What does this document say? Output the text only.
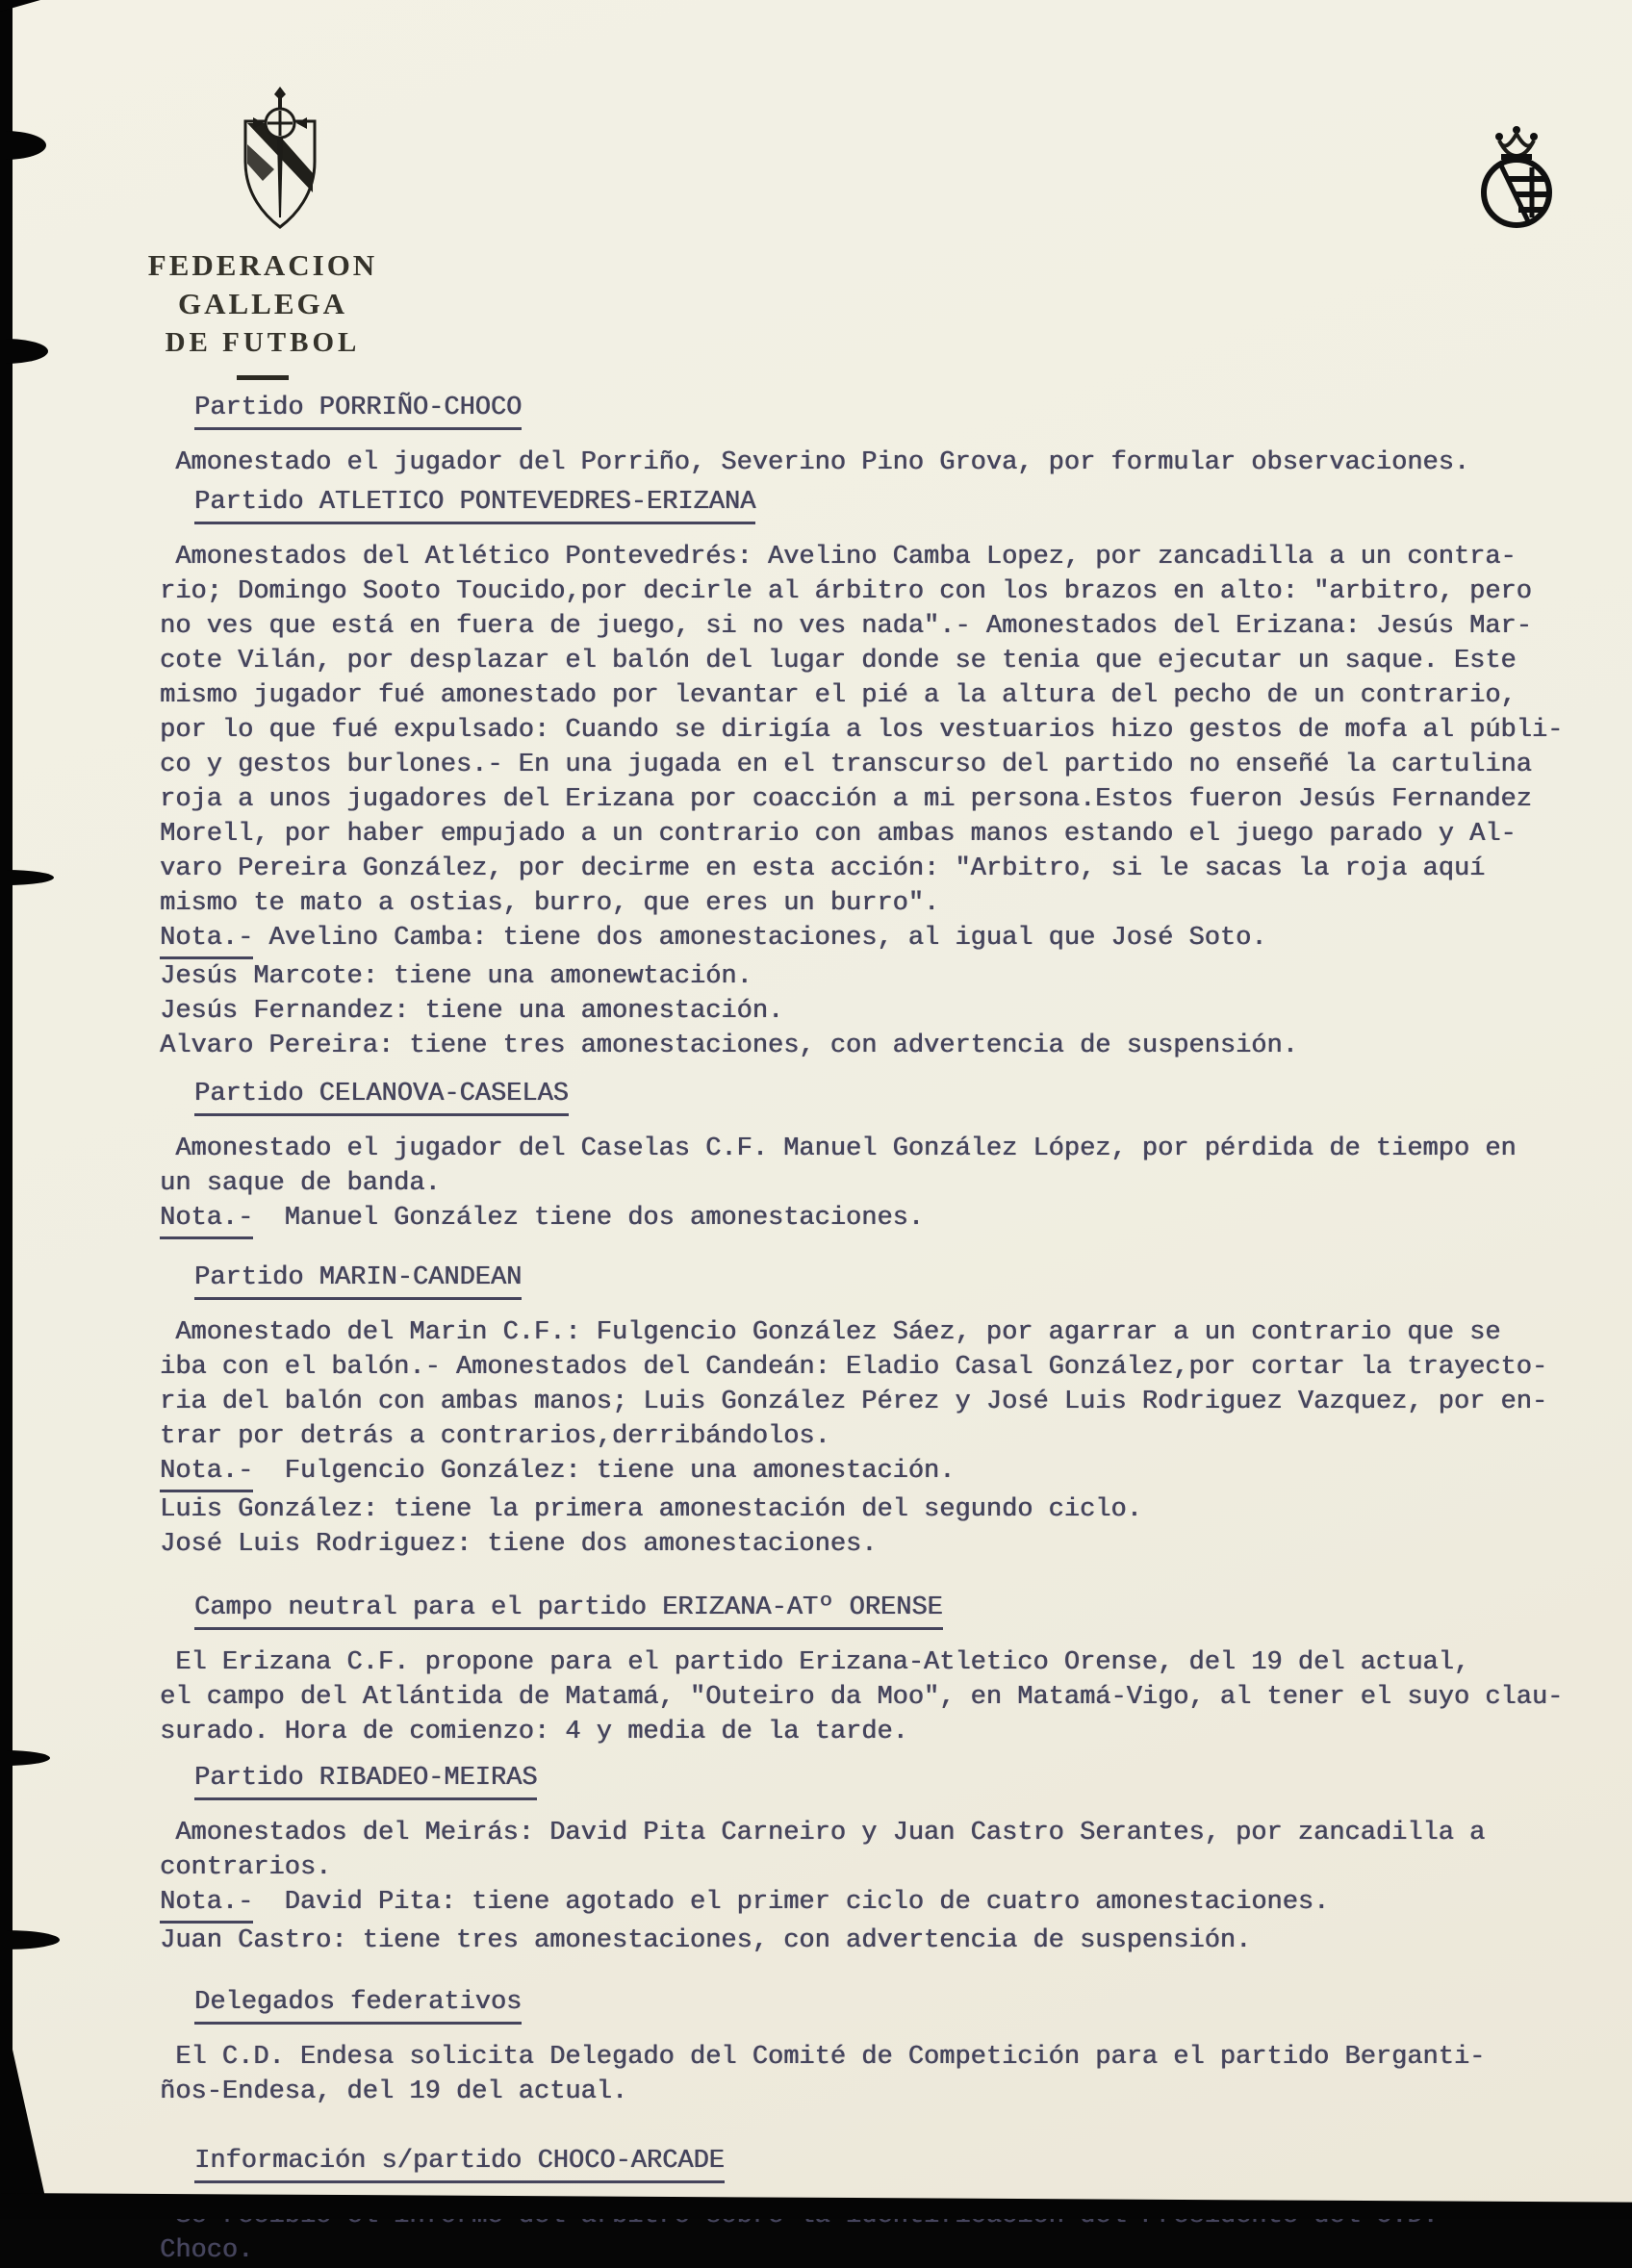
FEDERACION GALLEGA
DE FUTBOL
Partido PORRIÑO-CHOCO
Amonestado el jugador del Porriño, Severino Pino Grova, por formular observaciones.
Partido ATLETICO PONTEVEDRES-ERIZANA
Amonestados del Atlético Pontevedrés: Avelino Camba Lopez, por zancadilla a un contra-
rio; Domingo Sooto Toucido,por decirle al árbitro con los brazos en alto: "arbitro, pero
no ves que está en fuera de juego, si no ves nada".- Amonestados del Erizana: Jesús Mar-
cote Vilán, por desplazar el balón del lugar donde se tenia que ejecutar un saque. Este
mismo jugador fué amonestado por levantar el pié a la altura del pecho de un contrario,
por lo que fué expulsado: Cuando se dirigía a los vestuarios hizo gestos de mofa al públi-
co y gestos burlones.- En una jugada en el transcurso del partido no enseñé la cartulina
roja a unos jugadores del Erizana por coacción a mi persona.Estos fueron Jesús Fernandez
Morell, por haber empujado a un contrario con ambas manos estando el juego parado y Al-
varo Pereira González, por decirme en esta acción: "Arbitro, si le sacas la roja aquí
mismo te mato a ostias, burro, que eres un burro".
Nota.- Avelino Camba: tiene dos amonestaciones, al igual que José Soto.
Jesús Marcote: tiene una amonewtación.
Jesús Fernandez: tiene una amonestación.
Alvaro Pereira: tiene tres amonestaciones, con advertencia de suspensión.
Partido CELANOVA-CASELAS
Amonestado el jugador del Caselas C.F. Manuel González López, por pérdida de tiempo en
un saque de banda.
Nota.-  Manuel González tiene dos amonestaciones.
Partido MARIN-CANDEAN
Amonestado del Marin C.F.: Fulgencio González Sáez, por agarrar a un contrario que se
iba con el balón.- Amonestados del Candeán: Eladio Casal González,por cortar la trayecto-
ria del balón con ambas manos; Luis González Pérez y José Luis Rodriguez Vazquez, por en-
trar por detrás a contrarios,derribándolos.
Nota.-  Fulgencio González: tiene una amonestación.
Luis González: tiene la primera amonestación del segundo ciclo.
José Luis Rodriguez: tiene dos amonestaciones.
Campo neutral para el partido ERIZANA-ATº ORENSE
El Erizana C.F. propone para el partido Erizana-Atletico Orense, del 19 del actual,
el campo del Atlántida de Matamá, "Outeiro da Moo", en Matamá-Vigo, al tener el suyo clau-
surado. Hora de comienzo: 4 y media de la tarde.
Partido RIBADEO-MEIRAS
Amonestados del Meirás: David Pita Carneiro y Juan Castro Serantes, por zancadilla a
contrarios.
Nota.-  David Pita: tiene agotado el primer ciclo de cuatro amonestaciones.
Juan Castro: tiene tres amonestaciones, con advertencia de suspensión.
Delegados federativos
El C.D. Endesa solicita Delegado del Comité de Competición para el partido Berganti-
ños-Endesa, del 19 del actual.
Información s/partido CHOCO-ARCADE
Choco.
